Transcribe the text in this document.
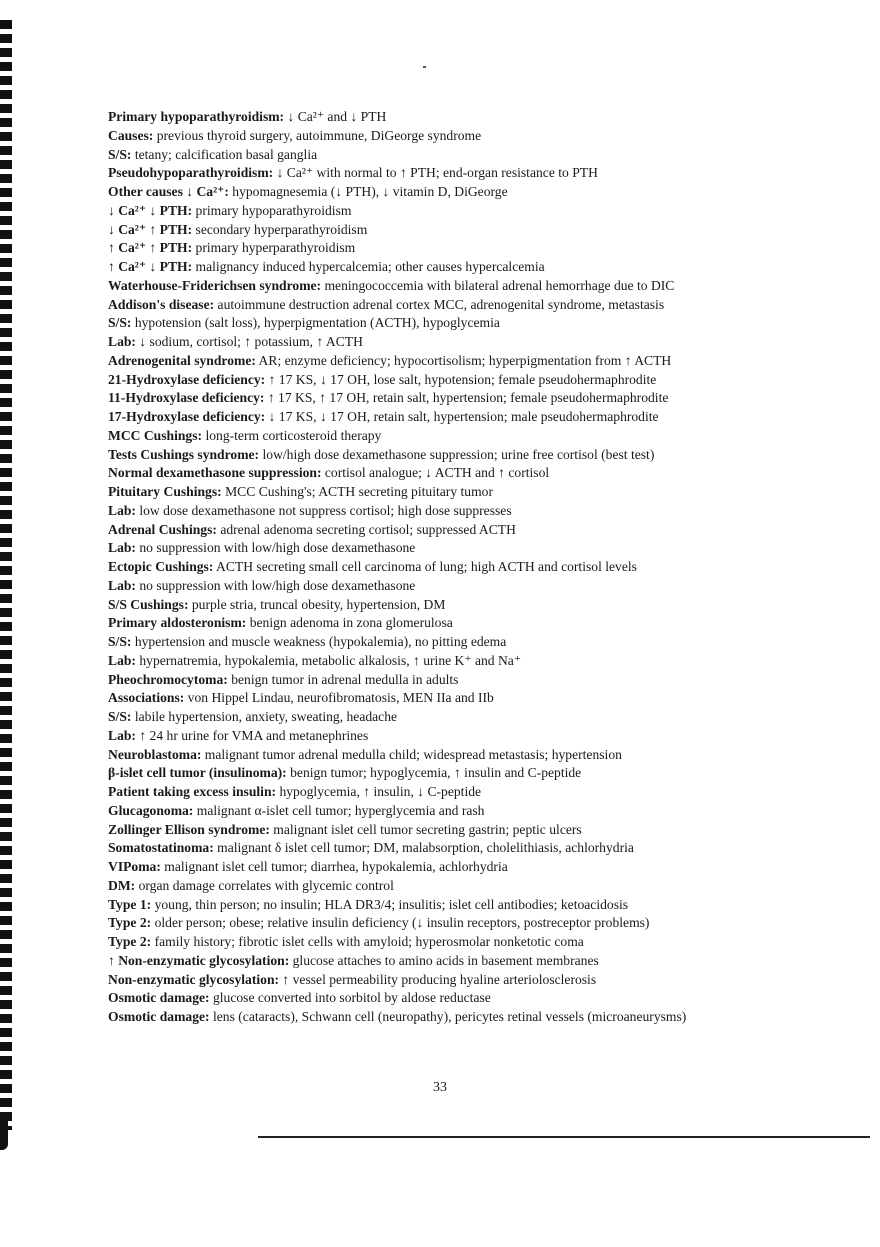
Primary hypoparathyroidism: ↓ Ca²⁺ and ↓ PTH
Causes: previous thyroid surgery, autoimmune, DiGeorge syndrome
S/S: tetany; calcification basal ganglia
Pseudohypoparathyroidism: ↓ Ca²⁺ with normal to ↑ PTH; end-organ resistance to PTH
Other causes ↓ Ca²⁺: hypomagnesemia (↓ PTH), ↓ vitamin D, DiGeorge
↓ Ca²⁺ ↓ PTH: primary hypoparathyroidism
↓ Ca²⁺ ↑ PTH: secondary hyperparathyroidism
↑ Ca²⁺ ↑ PTH: primary hyperparathyroidism
↑ Ca²⁺ ↓ PTH: malignancy induced hypercalcemia; other causes hypercalcemia
Waterhouse-Friderichsen syndrome: meningococcemia with bilateral adrenal hemorrhage due to DIC
Addison's disease: autoimmune destruction adrenal cortex MCC, adrenogenital syndrome, metastasis
S/S: hypotension (salt loss), hyperpigmentation (ACTH), hypoglycemia
Lab: ↓ sodium, cortisol; ↑ potassium, ↑ ACTH
Adrenogenital syndrome: AR; enzyme deficiency; hypocortisolism; hyperpigmentation from ↑ ACTH
21-Hydroxylase deficiency: ↑ 17 KS, ↓ 17 OH, lose salt, hypotension; female pseudohermaphrodite
11-Hydroxylase deficiency: ↑ 17 KS, ↑ 17 OH, retain salt, hypertension; female pseudohermaphrodite
17-Hydroxylase deficiency: ↓ 17 KS, ↓ 17 OH, retain salt, hypertension; male pseudohermaphrodite
MCC Cushings: long-term corticosteroid therapy
Tests Cushings syndrome: low/high dose dexamethasone suppression; urine free cortisol (best test)
Normal dexamethasone suppression: cortisol analogue; ↓ ACTH and ↑ cortisol
Pituitary Cushings: MCC Cushing's; ACTH secreting pituitary tumor
Lab: low dose dexamethasone not suppress cortisol; high dose suppresses
Adrenal Cushings: adrenal adenoma secreting cortisol; suppressed ACTH
Lab: no suppression with low/high dose dexamethasone
Ectopic Cushings: ACTH secreting small cell carcinoma of lung; high ACTH and cortisol levels
Lab: no suppression with low/high dose dexamethasone
S/S Cushings: purple stria, truncal obesity, hypertension, DM
Primary aldosteronism: benign adenoma in zona glomerulosa
S/S: hypertension and muscle weakness (hypokalemia), no pitting edema
Lab: hypernatremia, hypokalemia, metabolic alkalosis, ↑ urine K⁺ and Na⁺
Pheochromocytoma: benign tumor in adrenal medulla in adults
Associations: von Hippel Lindau, neurofibromatosis, MEN IIa and IIb
S/S: labile hypertension, anxiety, sweating, headache
Lab: ↑ 24 hr urine for VMA and metanephrines
Neuroblastoma: malignant tumor adrenal medulla child; widespread metastasis; hypertension
β-islet cell tumor (insulinoma): benign tumor; hypoglycemia, ↑ insulin and C-peptide
Patient taking excess insulin: hypoglycemia, ↑ insulin, ↓ C-peptide
Glucagonoma: malignant α-islet cell tumor; hyperglycemia and rash
Zollinger Ellison syndrome: malignant islet cell tumor secreting gastrin; peptic ulcers
Somatostatinoma: malignant δ islet cell tumor; DM, malabsorption, cholelithiasis, achlorhydria
VIPoma: malignant islet cell tumor; diarrhea, hypokalemia, achlorhydria
DM: organ damage correlates with glycemic control
Type 1: young, thin person; no insulin; HLA DR3/4; insulitis; islet cell antibodies; ketoacidosis
Type 2: older person; obese; relative insulin deficiency (↓ insulin receptors, postreceptor problems)
Type 2: family history; fibrotic islet cells with amyloid; hyperosmolar nonketotic coma
↑ Non-enzymatic glycosylation: glucose attaches to amino acids in basement membranes
Non-enzymatic glycosylation: ↑ vessel permeability producing hyaline arteriolosclerosis
Osmotic damage: glucose converted into sorbitol by aldose reductase
Osmotic damage: lens (cataracts), Schwann cell (neuropathy), pericytes retinal vessels (microaneurysms)
33
